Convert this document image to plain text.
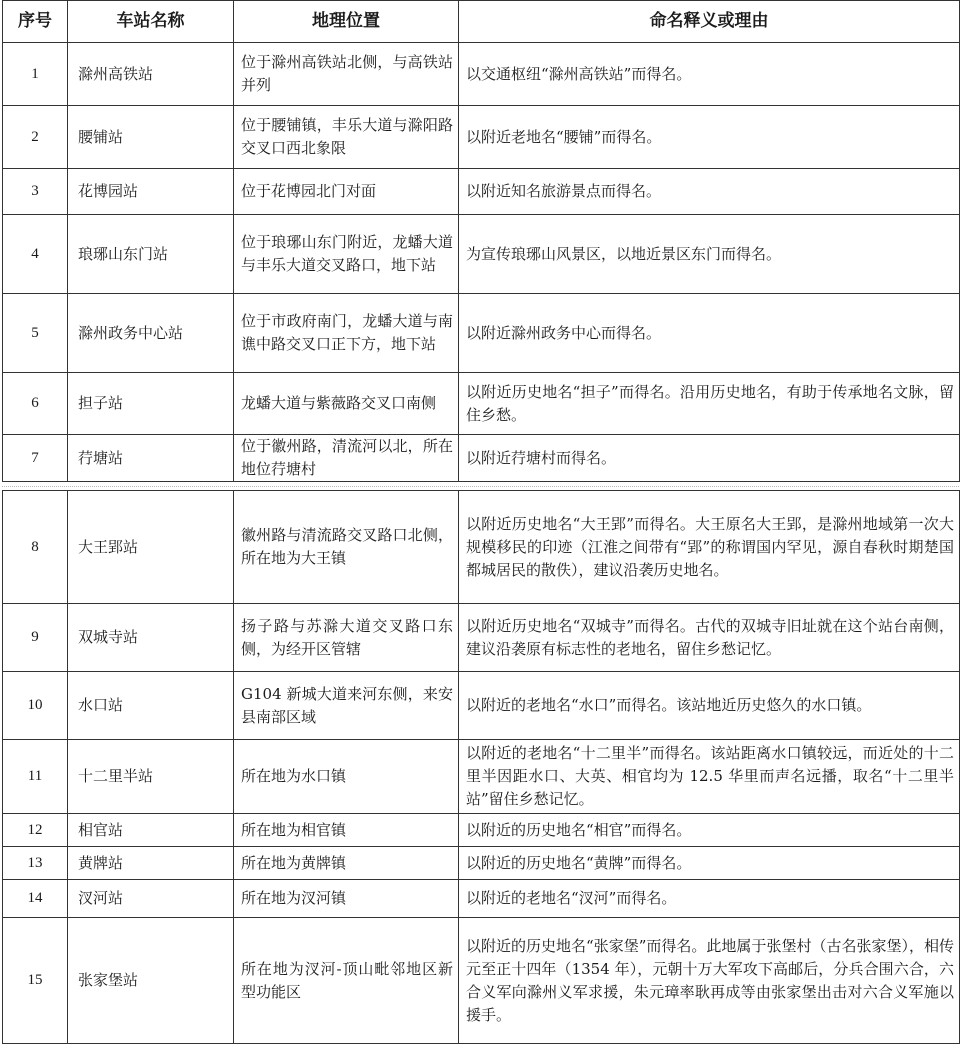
序号	车站名称	地理位置	命名释义或理由
1	滁州高铁站	位于滁州高铁站北侧，与高铁站并列	以交通枢纽“滁州高铁站”而得名。
2	腰铺站	位于腰铺镇，丰乐大道与滁阳路交叉口西北象限	以附近老地名“腰铺”而得名。
3	花博园站	位于花博园北门对面	以附近知名旅游景点而得名。
4	琅琊山东门站	位于琅琊山东门附近，龙蟠大道与丰乐大道交叉路口，地下站	为宣传琅琊山风景区，以地近景区东门而得名。
5	滁州政务中心站	位于市政府南门，龙蟠大道与南谯中路交叉口正下方，地下站	以附近滁州政务中心而得名。
6	担子站	龙蟠大道与紫薇路交叉口南侧	以附近历史地名“担子”而得名。沿用历史地名，有助于传承地名文脉，留住乡愁。
7	荇塘站	位于徽州路，清流河以北，所在地位荇塘村	以附近荇塘村而得名。
8	大王郢站	徽州路与清流路交叉路口北侧，所在地为大王镇	以附近历史地名“大王郢”而得名。大王原名大王郢，是滁州地域第一次大规模移民的印迹（江淮之间带有“郢”的称谓国内罕见，源自春秋时期楚国都城居民的散佚），建议沿袭历史地名。
9	双城寺站	扬子路与苏滁大道交叉路口东侧，为经开区管辖	以附近历史地名“双城寺”而得名。古代的双城寺旧址就在这个站台南侧，建议沿袭原有标志性的老地名，留住乡愁记忆。
10	水口站	G104 新城大道来河东侧，来安县南部区域	以附近的老地名“水口”而得名。该站地近历史悠久的水口镇。
11	十二里半站	所在地为水口镇	以附近的老地名“十二里半”而得名。该站距离水口镇较远，而近处的十二里半因距水口、大英、相官均为 12.5 华里而声名远播，取名“十二里半站”留住乡愁记忆。
12	相官站	所在地为相官镇	以附近的历史地名“相官”而得名。
13	黄牌站	所在地为黄牌镇	以附近的历史地名“黄牌”而得名。
14	汊河站	所在地为汊河镇	以附近的老地名“汊河”而得名。
15	张家堡站	所在地为汊河-顶山毗邻地区新型功能区	以附近的历史地名“张家堡”而得名。此地属于张堡村（古名张家堡），相传元至正十四年（1354 年），元朝十万大军攻下高邮后，分兵合围六合，六合义军向滁州义军求援，朱元璋率耿再成等由张家堡出击对六合义军施以援手。
